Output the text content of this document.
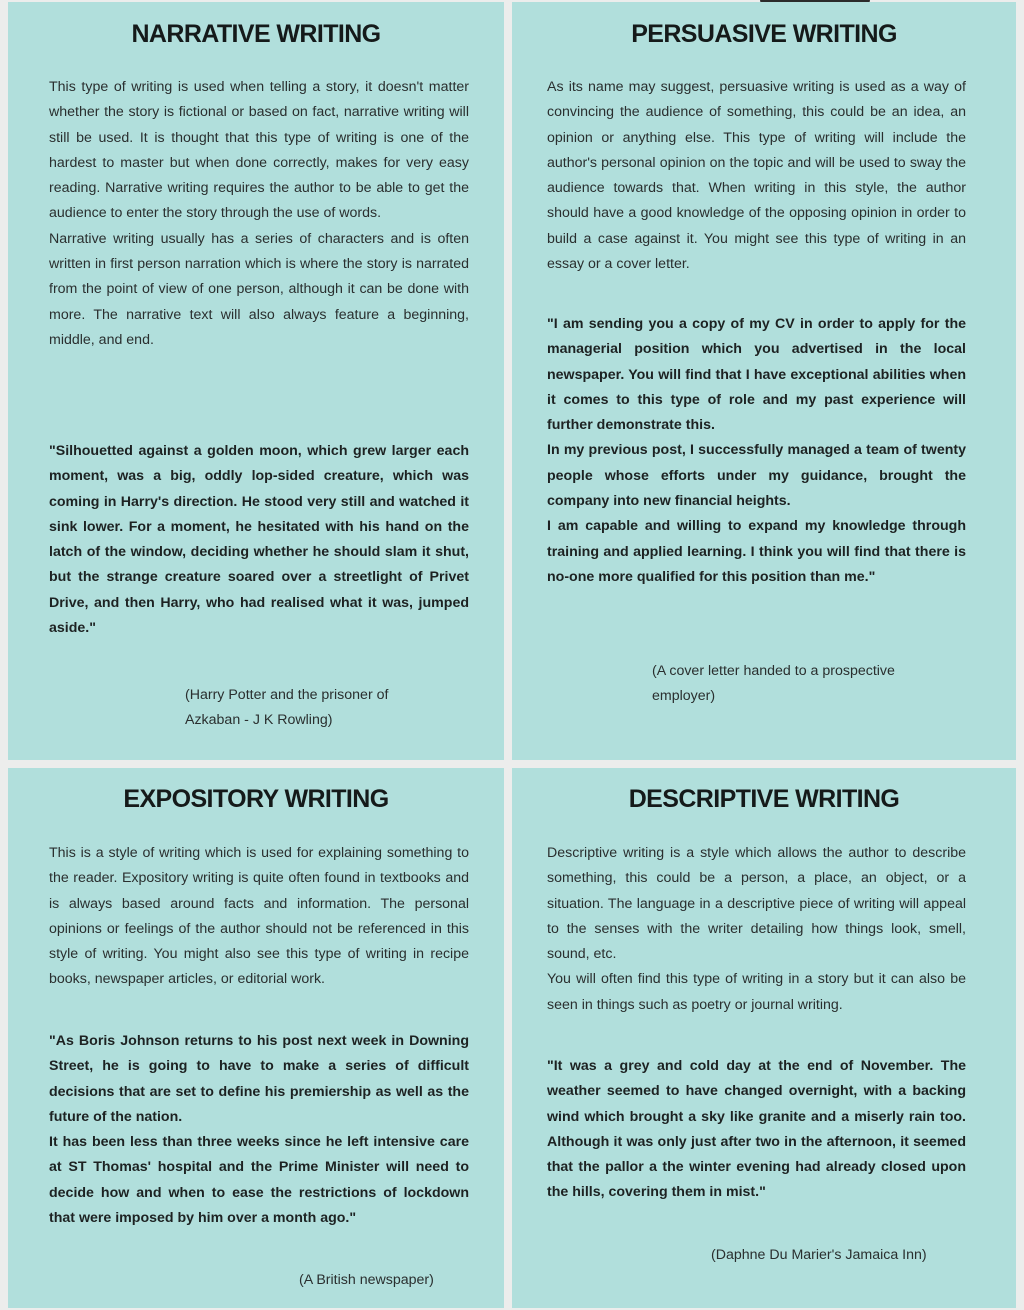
NARRATIVE WRITING

This type of writing is used when telling a story, it doesn't matter whether the story is fictional or based on fact, narrative writing will still be used. It is thought that this type of writing is one of the hardest to master but when done correctly, makes for very easy reading. Narrative writing requires the author to be able to get the audience to enter the story through the use of words.

Narrative writing usually has a series of characters and is often written in first person narration which is where the story is narrated from the point of view of one person, although it can be done with more. The narrative text will also always feature a beginning, middle, and end.

"Silhouetted against a golden moon, which grew larger each moment, was a big, oddly lop-sided creature, which was coming in Harry's direction. He stood very still and watched it sink lower. For a moment, he hesitated with his hand on the latch of the window, deciding whether he should slam it shut, but the strange creature soared over a streetlight of Privet Drive, and then Harry, who had realised what it was, jumped aside."
(Harry Potter and the prisoner of
Azkaban - J K Rowling)
PERSUASIVE WRITING
As its name may suggest, persuasive writing is used as a way of convincing the audience of something, this could be an idea, an opinion or anything else. This type of writing will include the author's personal opinion on the topic and will be used to sway the audience towards that. When writing in this style, the author should have a good knowledge of the opposing opinion in order to build a case against it. You might see this type of writing in an essay or a cover letter.

"I am sending you a copy of my CV in order to apply for the managerial position which you advertised in the local newspaper. You will find that I have exceptional abilities when it comes to this type of role and my past experience will further demonstrate this.

In my previous post, I successfully managed a team of twenty people whose efforts under my guidance, brought the company into new financial heights.

I am capable and willing to expand my knowledge through training and applied learning. I think you will find that there is no-one more qualified for this position than me."

(A cover letter handed to a prospective
employer)
EXPOSITORY WRITING
This is a style of writing which is used for explaining something to the reader. Expository writing is quite often found in textbooks and is always based around facts and information. The personal opinions or feelings of the author should not be referenced in this style of writing. You might also see this type of writing in recipe books, newspaper articles, or editorial work.

"As Boris Johnson returns to his post next week in Downing Street, he is going to have to make a series of difficult decisions that are set to define his premiership as well as the future of the nation.

It has been less than three weeks since he left intensive care at ST Thomas' hospital and the Prime Minister will need to decide how and when to ease the restrictions of lockdown that were imposed by him over a month ago."

(A British newspaper)
DESCRIPTIVE WRITING

Descriptive writing is a style which allows the author to describe something, this could be a person, a place, an object, or a situation. The language in a descriptive piece of writing will appeal to the senses with the writer detailing how things look, smell, sound, etc.

You will often find this type of writing in a story but it can also be seen in things such as poetry or journal writing.

"It was a grey and cold day at the end of November. The weather seemed to have changed overnight, with a backing wind which brought a sky like granite and a miserly rain too. Although it was only just after two in the afternoon, it seemed that the pallor a the winter evening had already closed upon the hills, covering them in mist."
(Daphne Du Marier's Jamaica Inn)
